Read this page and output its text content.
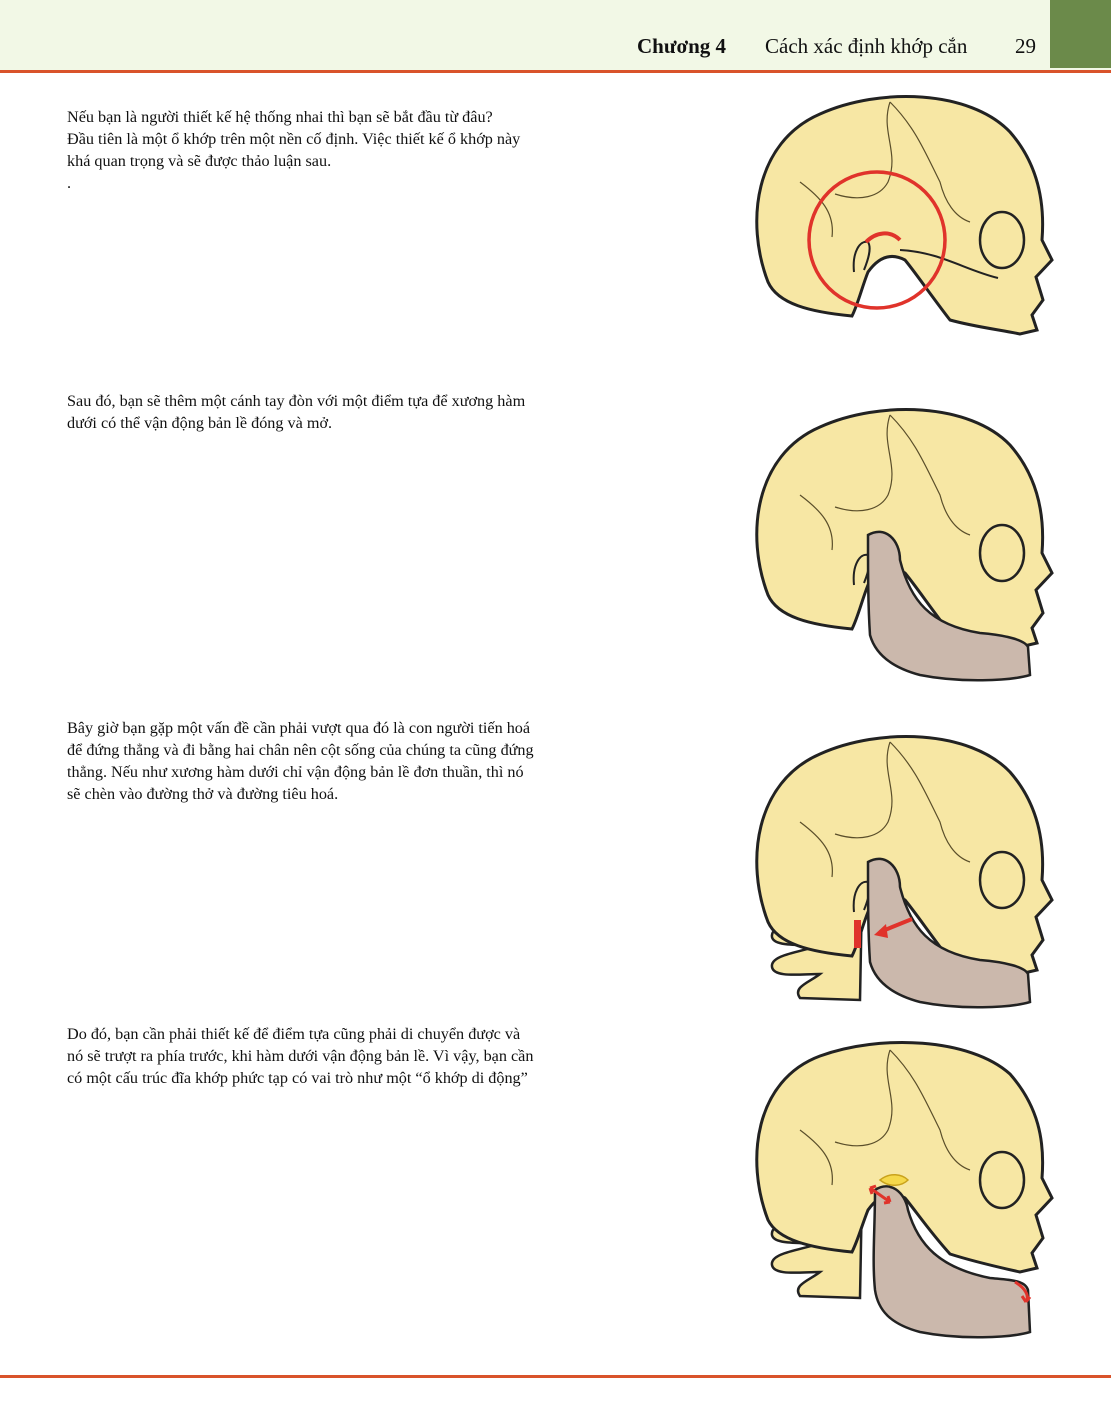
Chương 4 Cách xác định khớp cắn 29

Nếu bạn là người thiết kế hệ thống nhai thì bạn sẽ bắt đầu từ đâu?

Đầu tiên là một ổ khớp trên một nền cố định. Việc thiết kế ổ khớp này

khá quan trọng và sẽ được thảo luận sau.

.

Sau đó, bạn sẽ thêm một cánh tay đòn với một điểm tựa để xương hàm

dưới có thể vận động bản lề đóng và mở.

Bây giờ bạn gặp một vấn đề cần phải vượt qua đó là con người tiến hoá

để đứng thẳng và đi bằng hai chân nên cột sống của chúng ta cũng đứng

thẳng. Nếu như xương hàm dưới chỉ vận động bản lề đơn thuần, thì nó

sẽ chèn vào đường thở và đường tiêu hoá.

Do đó, bạn cần phải thiết kế để điểm tựa cũng phải di chuyển được và

nó sẽ trượt ra phía trước, khi hàm dưới vận động bản lề. Vì vậy, bạn cần

có một cấu trúc đĩa khớp phức tạp có vai trò như một “ổ khớp di động”
